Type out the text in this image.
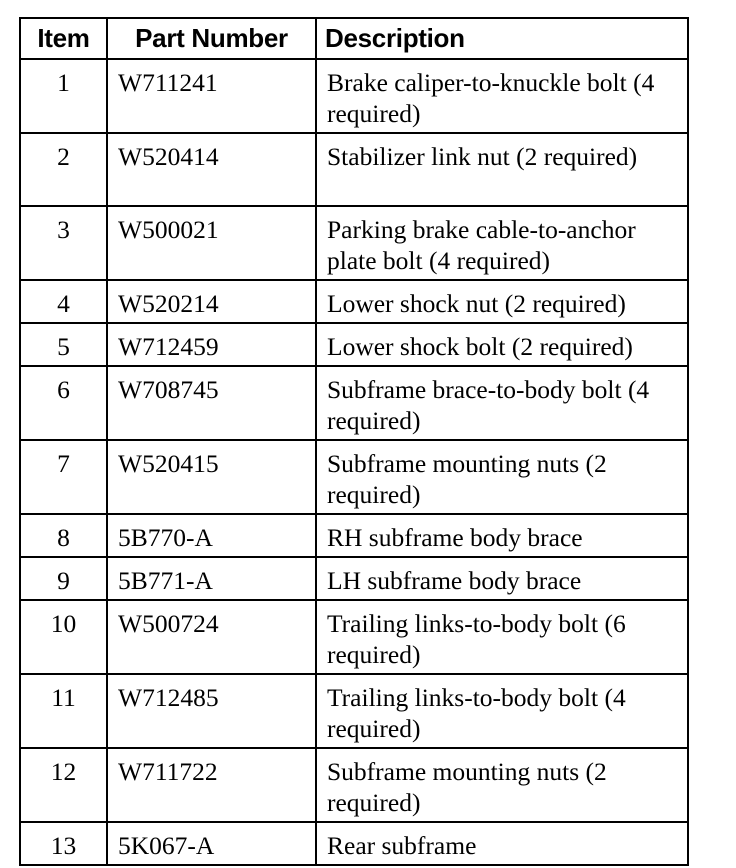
Item	Part Number	Description
1	W711241	Brake caliper-to-knuckle bolt (4 required)
2	W520414	Stabilizer link nut (2 required)
3	W500021	Parking brake cable-to-anchor plate bolt (4 required)
4	W520214	Lower shock nut (2 required)
5	W712459	Lower shock bolt (2 required)
6	W708745	Subframe brace-to-body bolt (4 required)
7	W520415	Subframe mounting nuts (2 required)
8	5B770-A	RH subframe body brace
9	5B771-A	LH subframe body brace
10	W500724	Trailing links-to-body bolt (6 required)
11	W712485	Trailing links-to-body bolt (4 required)
12	W711722	Subframe mounting nuts (2 required)
13	5K067-A	Rear subframe
